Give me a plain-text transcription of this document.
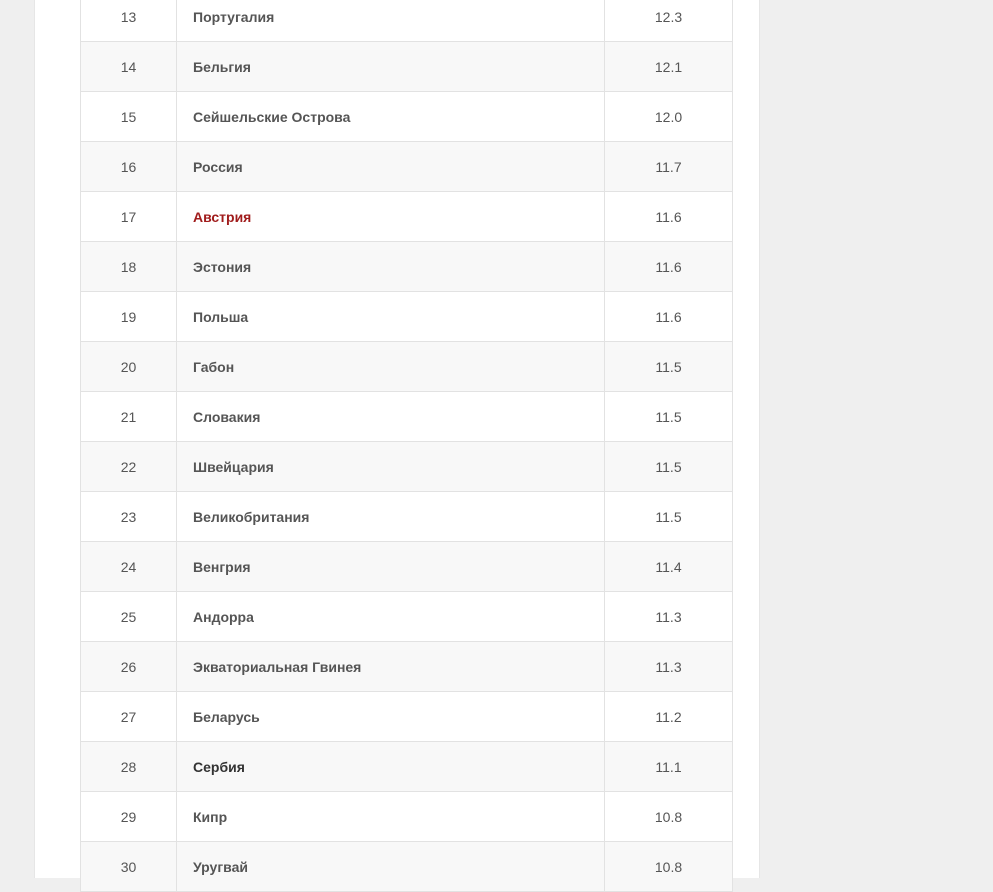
13	Португалия	12.3
14	Бельгия	12.1
15	Сейшельские Острова	12.0
16	Россия	11.7
17	Австрия	11.6
18	Эстония	11.6
19	Польша	11.6
20	Габон	11.5
21	Словакия	11.5
22	Швейцария	11.5
23	Великобритания	11.5
24	Венгрия	11.4
25	Андорра	11.3
26	Экваториальная Гвинея	11.3
27	Беларусь	11.2
28	Сербия	11.1
29	Кипр	10.8
30	Уругвай	10.8
